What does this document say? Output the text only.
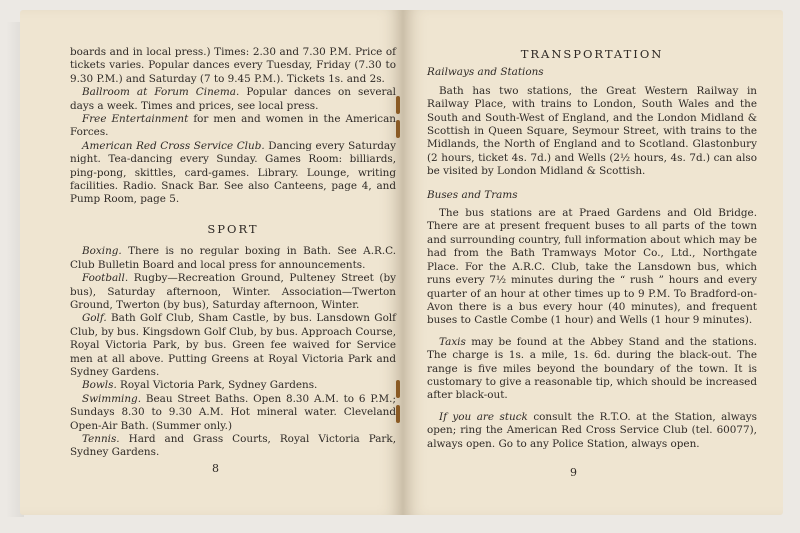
boards and in local press.) Times: 2.30 and 7.30 P.M. Price of tickets varies. Popular dances every Tuesday, Friday (7.30 to 9.30 P.M.) and Saturday (7 to 9.45 P.M.). Tickets 1s. and 2s.

Ballroom at Forum Cinema. Popular dances on several days a week. Times and prices, see local press.

Free Entertainment for men and women in the American Forces.

American Red Cross Service Club. Dancing every Saturday night. Tea-dancing every Sunday. Games Room: billiards, ping-pong, skittles, card-games. Library. Lounge, writing facilities. Radio. Snack Bar. See also Canteens, page 4, and Pump Room, page 5.

SPORT

Boxing. There is no regular boxing in Bath. See A.R.C. Club Bulletin Board and local press for announcements.

Football. Rugby—Recreation Ground, Pulteney Street (by bus), Saturday afternoon, Winter. Association—Twerton Ground, Twerton (by bus), Saturday afternoon, Winter.

Golf. Bath Golf Club, Sham Castle, by bus. Lansdown Golf Club, by bus. Kingsdown Golf Club, by bus. Approach Course, Royal Victoria Park, by bus. Green fee waived for Service men at all above. Putting Greens at Royal Victoria Park and Sydney Gardens.

Bowls. Royal Victoria Park, Sydney Gardens.

Swimming. Beau Street Baths. Open 8.30 A.M. to 6 P.M.; Sundays 8.30 to 9.30 A.M. Hot mineral water. Cleveland Open-Air Bath. (Summer only.)

Tennis. Hard and Grass Courts, Royal Victoria Park, Sydney Gardens.

8
TRANSPORTATION
Railways and Stations

Bath has two stations, the Great Western Railway in Railway Place, with trains to London, South Wales and the South and South-West of England, and the London Midland & Scottish in Queen Square, Seymour Street, with trains to the Midlands, the North of England and to Scotland. Glastonbury (2 hours, ticket 4s. 7d.) and Wells (2½ hours, 4s. 7d.) can also be visited by London Midland & Scottish.

Buses and Trams

The bus stations are at Praed Gardens and Old Bridge. There are at present frequent buses to all parts of the town and surrounding country, full information about which may be had from the Bath Tramways Motor Co., Ltd., Northgate Place. For the A.R.C. Club, take the Lansdown bus, which runs every 7½ minutes during the “ rush ” hours and every quarter of an hour at other times up to 9 P.M. To Bradford-on-Avon there is a bus every hour (40 minutes), and frequent buses to Castle Combe (1 hour) and Wells (1 hour 9 minutes).

Taxis may be found at the Abbey Stand and the stations. The charge is 1s. a mile, 1s. 6d. during the black-out. The range is five miles beyond the boundary of the town. It is customary to give a reasonable tip, which should be increased after black-out.

If you are stuck consult the R.T.O. at the Station, always open; ring the American Red Cross Service Club (tel. 60077), always open. Go to any Police Station, always open.

9
